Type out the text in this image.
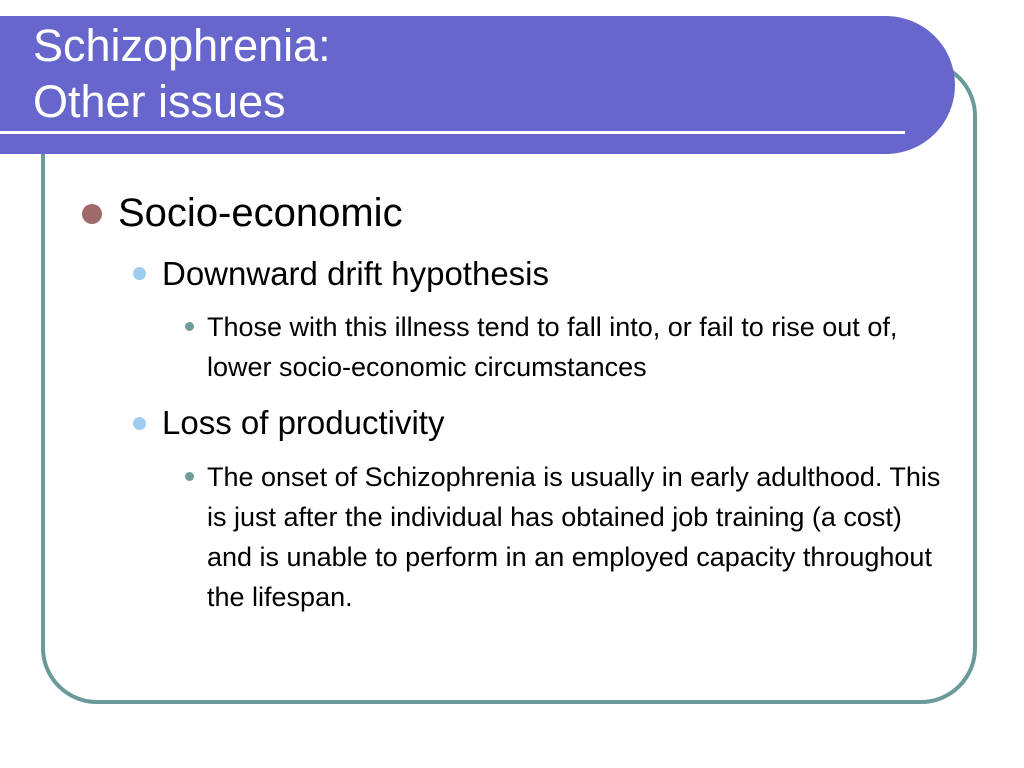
Schizophrenia:
Other issues

Socio-economic

Downward drift hypothesis

Those with this illness tend to fall into, or fail to rise out of, lower socio-economic circumstances

Loss of productivity

The onset of Schizophrenia is usually in early adulthood. This is just after the individual has obtained job training (a cost) and is unable to perform in an employed capacity throughout the lifespan.
